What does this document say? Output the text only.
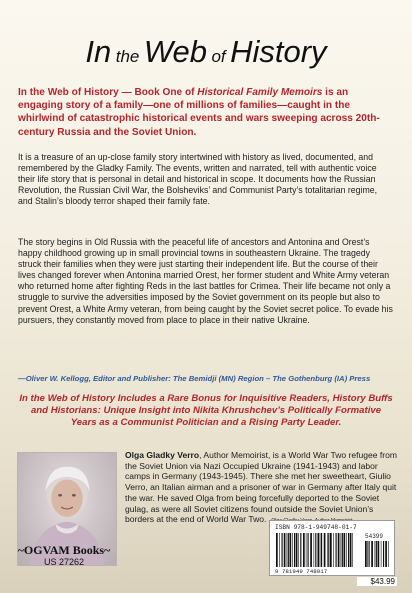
In the Web of History

In the Web of History — Book One of Historical Family Memoirs is an engaging story of a family—one of millions of families—caught in the whirlwind of catastrophic historical events and wars sweeping across 20th-century Russia and the Soviet Union.

It is a treasure of an up-close family story intertwined with history as lived, documented, and remembered by the Gladky Family. The events, written and narrated, tell with authentic voice their life story that is personal in detail and historical in scope. It documents how the Russian Revolution, the Russian Civil War, the Bolsheviks’ and Communist Party’s totalitarian regime, and Stalin’s bloody terror shaped their family fate.

The story begins in Old Russia with the peaceful life of ancestors and Antonina and Orest’s happy childhood growing up in small provincial towns in southeastern Ukraine. The tragedy struck their families when they were just starting their independent life. But the course of their lives changed forever when Antonina married Orest, her former student and White Army veteran who returned home after fighting Reds in the last battles for Crimea. Their life became not only a struggle to survive the adversities imposed by the Soviet government on its people but also to prevent Orest, a White Army veteran, from being caught by the Soviet secret police. To evade his pursuers, they constantly moved from place to place in their native Ukraine.

—Oliver W. Kellogg, Editor and Publisher: The Bemidji (MN) Region – The Gothenburg (IA) Press

In the Web of History Includes a Rare Bonus for Inquisitive Readers, History Buffs and Historians: Unique Insight into Nikita Khrushchev’s Politically Formative Years as a Communist Politician and a Rising Party Leader.

Olga Gladky Verro, Author Memoirist, is a World War Two refugee from the Soviet Union via Nazi Occupied Ukraine (1941-1943) and labor camps in Germany (1943-1945). There she met her sweetheart, Giulio Verro, an Italian airman and a prisoner of war in Germany after Italy quit the war. He saved Olga from being forcefully deported to the Soviet gulag, as were all Soviet citizens found outside the Soviet Union’s borders at the end of World War Two.

ISBN 978-1-949748-01-7
54399
9 781949 748017
$43.99
~OGVAM Books~
US 27262
